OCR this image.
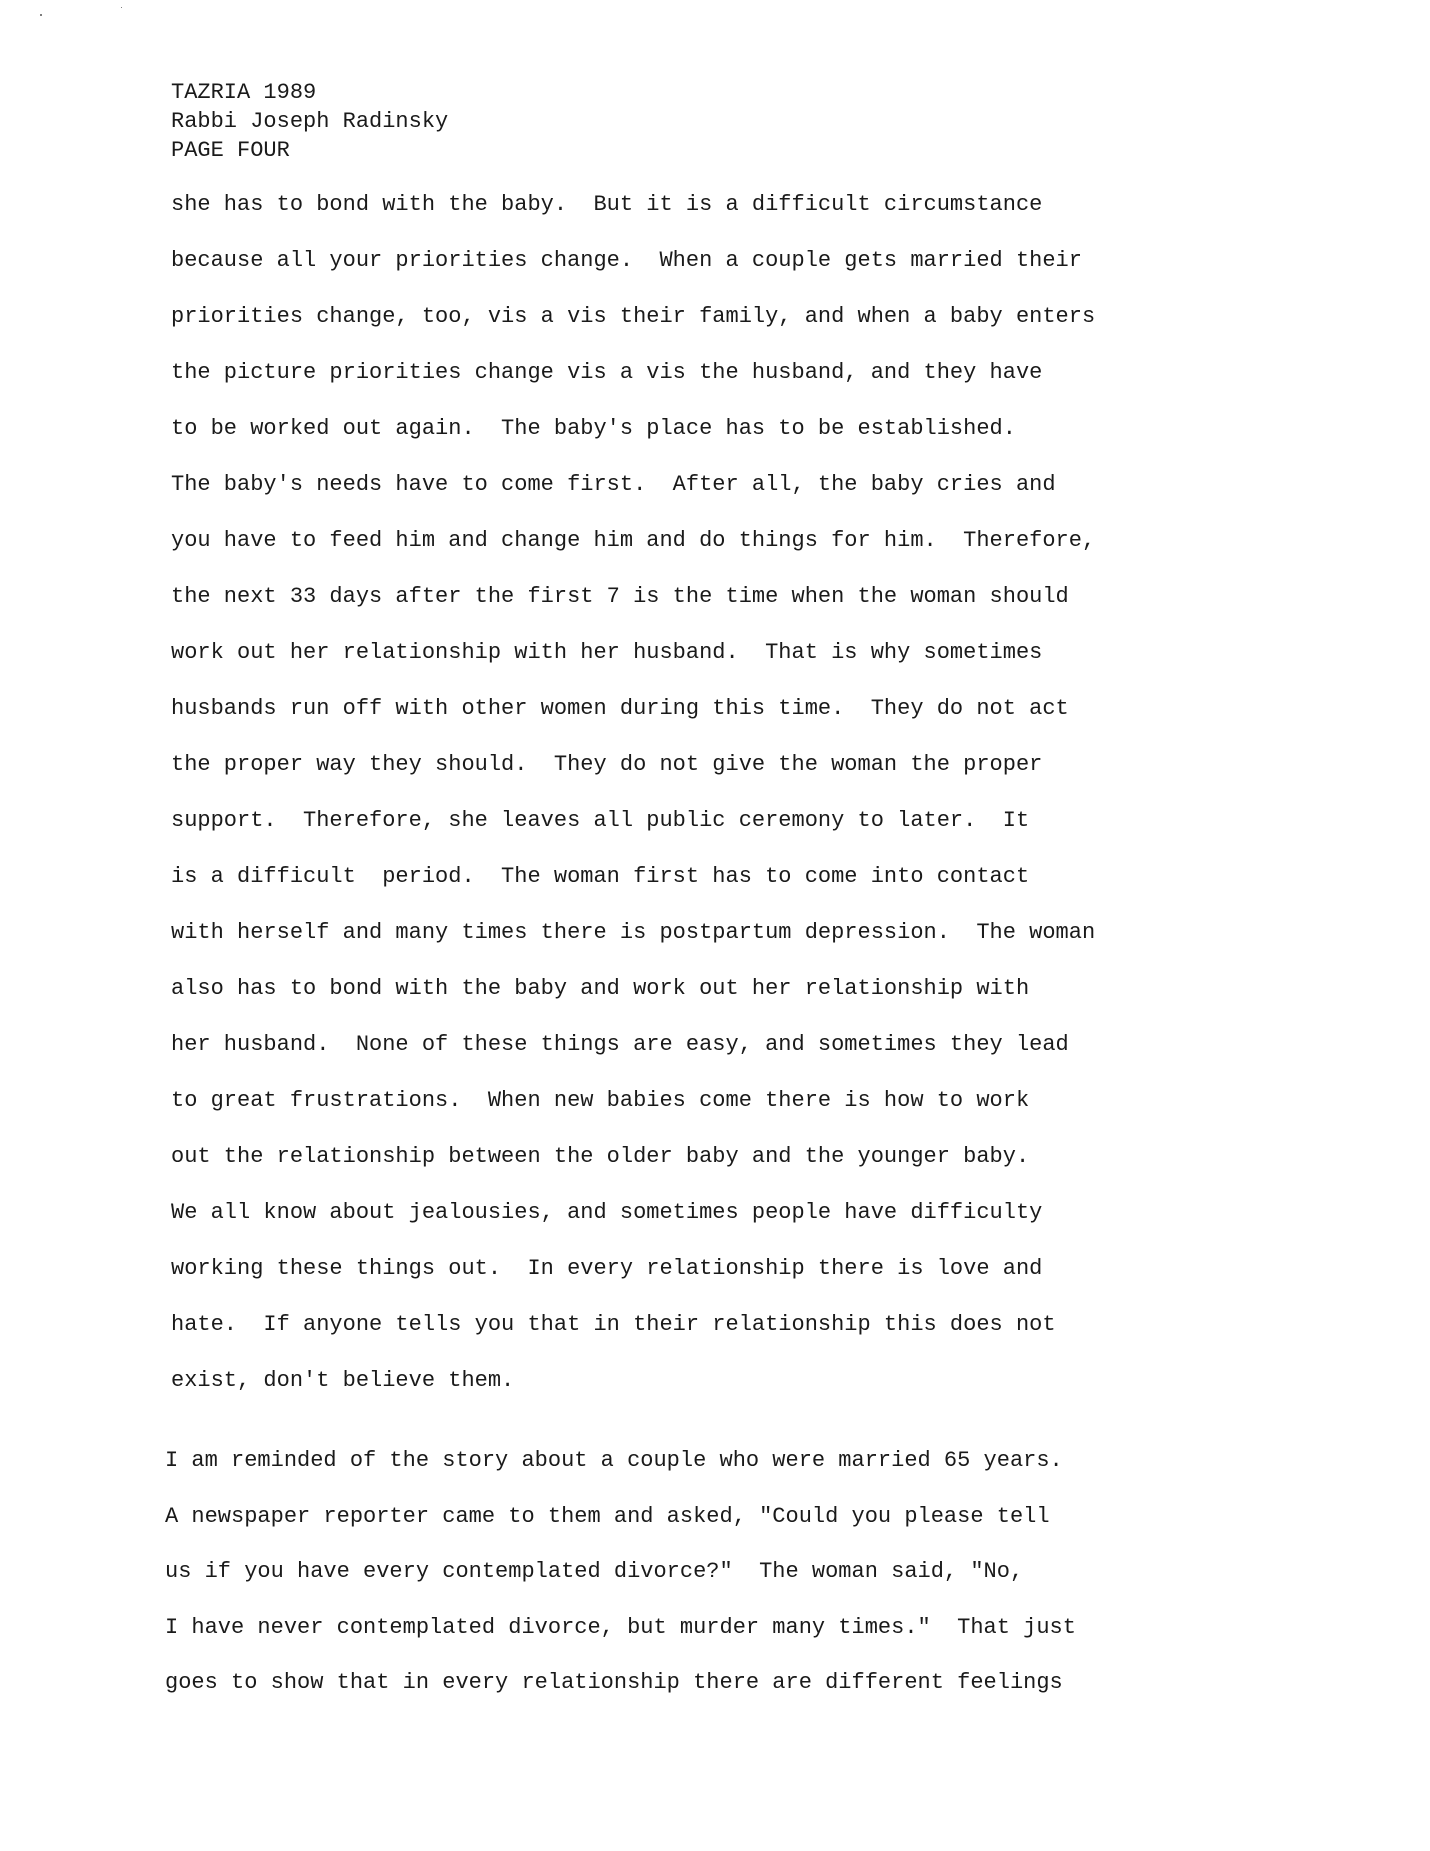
TAZRIA 1989
Rabbi Joseph Radinsky
PAGE FOUR
she has to bond with the baby.  But it is a difficult circumstance
because all your priorities change.  When a couple gets married their
priorities change, too, vis a vis their family, and when a baby enters
the picture priorities change vis a vis the husband, and they have
to be worked out again.  The baby's place has to be established.
The baby's needs have to come first.  After all, the baby cries and
you have to feed him and change him and do things for him.  Therefore,
the next 33 days after the first 7 is the time when the woman should
work out her relationship with her husband.  That is why sometimes
husbands run off with other women during this time.  They do not act
the proper way they should.  They do not give the woman the proper
support.  Therefore, she leaves all public ceremony to later.  It
is a difficult  period.  The woman first has to come into contact
with herself and many times there is postpartum depression.  The woman
also has to bond with the baby and work out her relationship with
her husband.  None of these things are easy, and sometimes they lead
to great frustrations.  When new babies come there is how to work
out the relationship between the older baby and the younger baby.
We all know about jealousies, and sometimes people have difficulty
working these things out.  In every relationship there is love and
hate.  If anyone tells you that in their relationship this does not
exist, don't believe them.
I am reminded of the story about a couple who were married 65 years.
A newspaper reporter came to them and asked, "Could you please tell
us if you have every contemplated divorce?"  The woman said, "No,
I have never contemplated divorce, but murder many times."  That just
goes to show that in every relationship there are different feelings
